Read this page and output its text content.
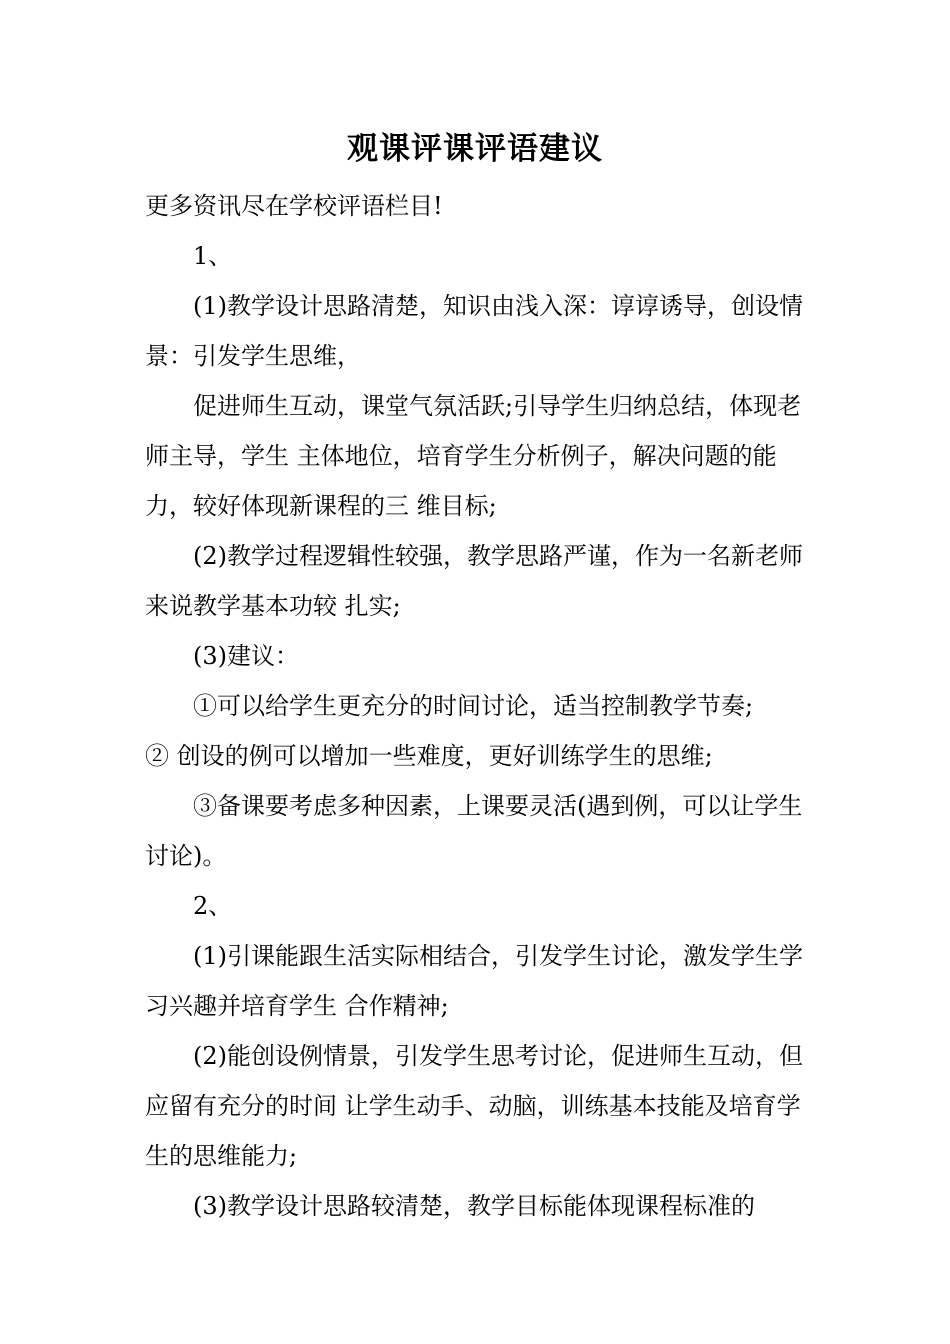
观课评课评语建议

更多资讯尽在学校评语栏目!

1、

(1)教学设计思路清楚，知识由浅入深：谆谆诱导，创设情景：引发学生思维，

促进师生互动，课堂气氛活跃;引导学生归纳总结，体现老师主导，学生 主体地位，培育学生分析例子，解决问题的能力，较好体现新课程的三 维目标;

(2)教学过程逻辑性较强，教学思路严谨，作为一名新老师来说教学基本功较 扎实;

(3)建议：

①可以给学生更充分的时间讨论，适当控制教学节奏;

② 创设的例可以增加一些难度，更好训练学生的思维;

③备课要考虑多种因素，上课要灵活(遇到例，可以让学生讨论)。

2、

(1)引课能跟生活实际相结合，引发学生讨论，激发学生学习兴趣并培育学生 合作精神;

(2)能创设例情景，引发学生思考讨论，促进师生互动，但应留有充分的时间 让学生动手、动脑，训练基本技能及培育学生的思维能力;

(3)教学设计思路较清楚，教学目标能体现课程标准的
